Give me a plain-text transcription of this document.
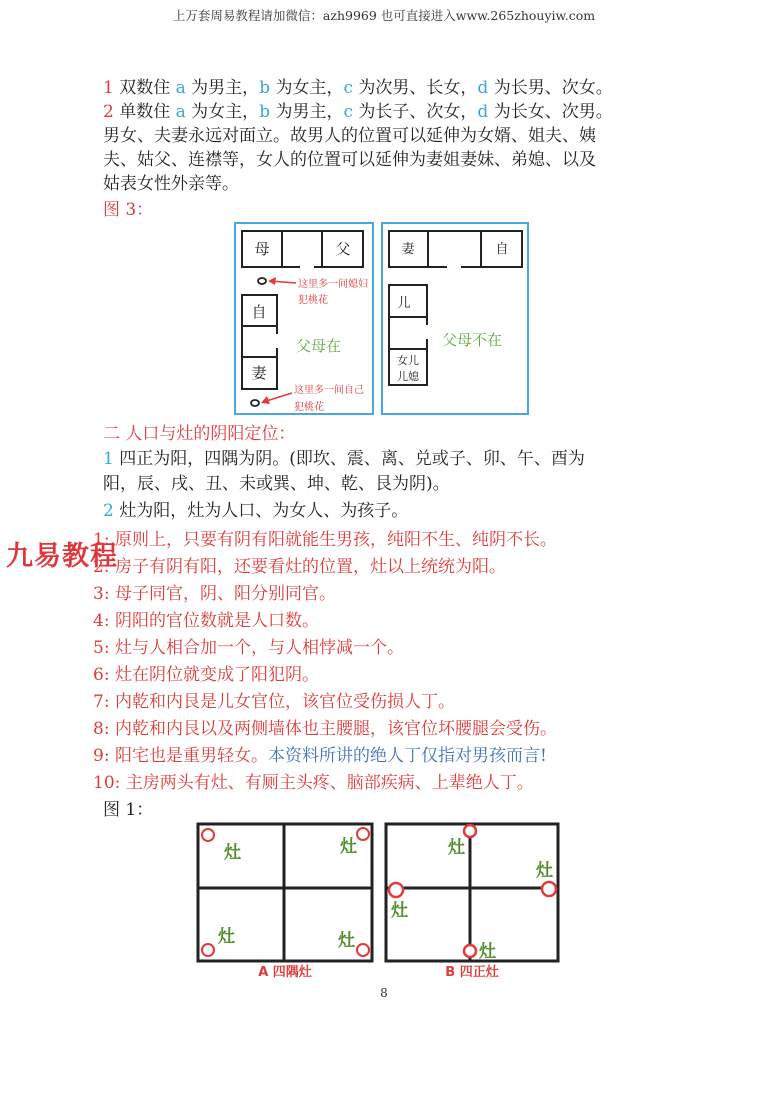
上万套周易教程请加微信：azh9969 也可直接进入www.265zhouyiw.com
1 双数住 a 为男主，b 为女主，c 为次男、长女，d 为长男、次女。
2 单数住 a 为女主，b 为男主，c 为长子、次女，d 为长女、次男。
男女、夫妻永远对面立。故男人的位置可以延伸为女婿、姐夫、姨
夫、姑父、连襟等，女人的位置可以延伸为妻姐妻妹、弟媳、以及
姑表女性外亲等。
图 3：
母	父
这里多一间媳妇
犯桃花
自
妻
父母在
这里多一间自己
犯桃花
妻	自
儿
女儿
儿媳
父母不在
二 人口与灶的阴阳定位：
1 四正为阳，四隅为阴。(即坎、震、离、兑或子、卯、午、酉为
阳，辰、戌、丑、未或巽、坤、乾、艮为阴)。
2 灶为阳，灶为人口、为女人、为孩子。
1: 原则上，只要有阴有阳就能生男孩，纯阳不生、纯阴不长。
2: 房子有阴有阳，还要看灶的位置，灶以上统统为阳。
3: 母子同官，阴、阳分别同官。
4: 阴阳的官位数就是人口数。
5: 灶与人相合加一个，与人相悖减一个。
6: 灶在阴位就变成了阳犯阴。
7: 内乾和内艮是儿女官位，该官位受伤损人丁。
8: 内乾和内艮以及两侧墙体也主腰腿，该官位坏腰腿会受伤。
9: 阳宅也是重男轻女。本资料所讲的绝人丁仅指对男孩而言!
10: 主房两头有灶、有厕主头疼、脑部疾病、上辈绝人丁。
图 1：
灶	灶
灶	灶
A 四隅灶
灶
灶
灶
灶
B 四正灶
九易教程
8
